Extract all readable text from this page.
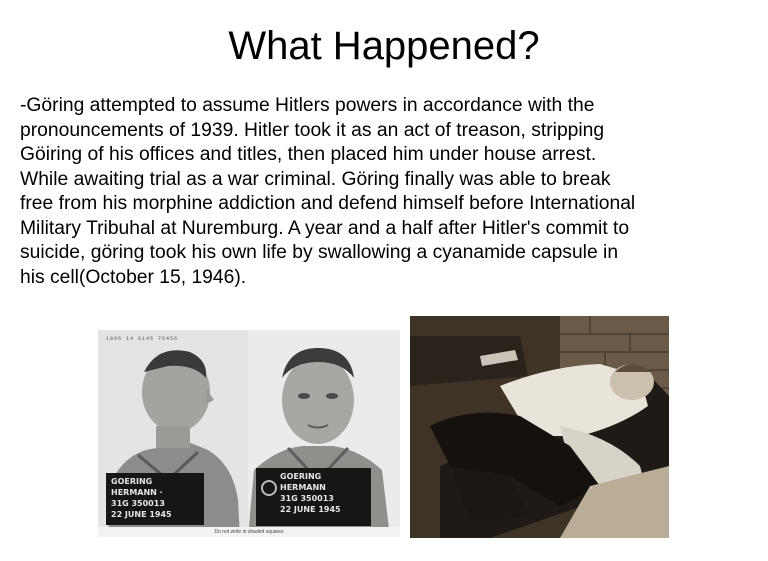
What Happened?

-Göring attempted to assume Hitlers powers in accordance with the
pronouncements of 1939. Hitler took it as an act of treason, stripping
Göiring of his offices and titles, then placed him under house arrest.
While awaiting trial as a war criminal. Göring finally was able to break
free from his morphine addiction and defend himself before International
Military Tribuhal at Nuremburg. A year and a half after Hitler's commit to
suicide, göring took his own life by swallowing a cyanamide capsule in
his cell(October 15, 1946).

1096 14 0145 76456
GOERING
HERMANN ·
31G 350013
22 JUNE 1945
GOERING
HERMANN
31G 350013
22 JUNE 1945
Do not write in shaded squares
